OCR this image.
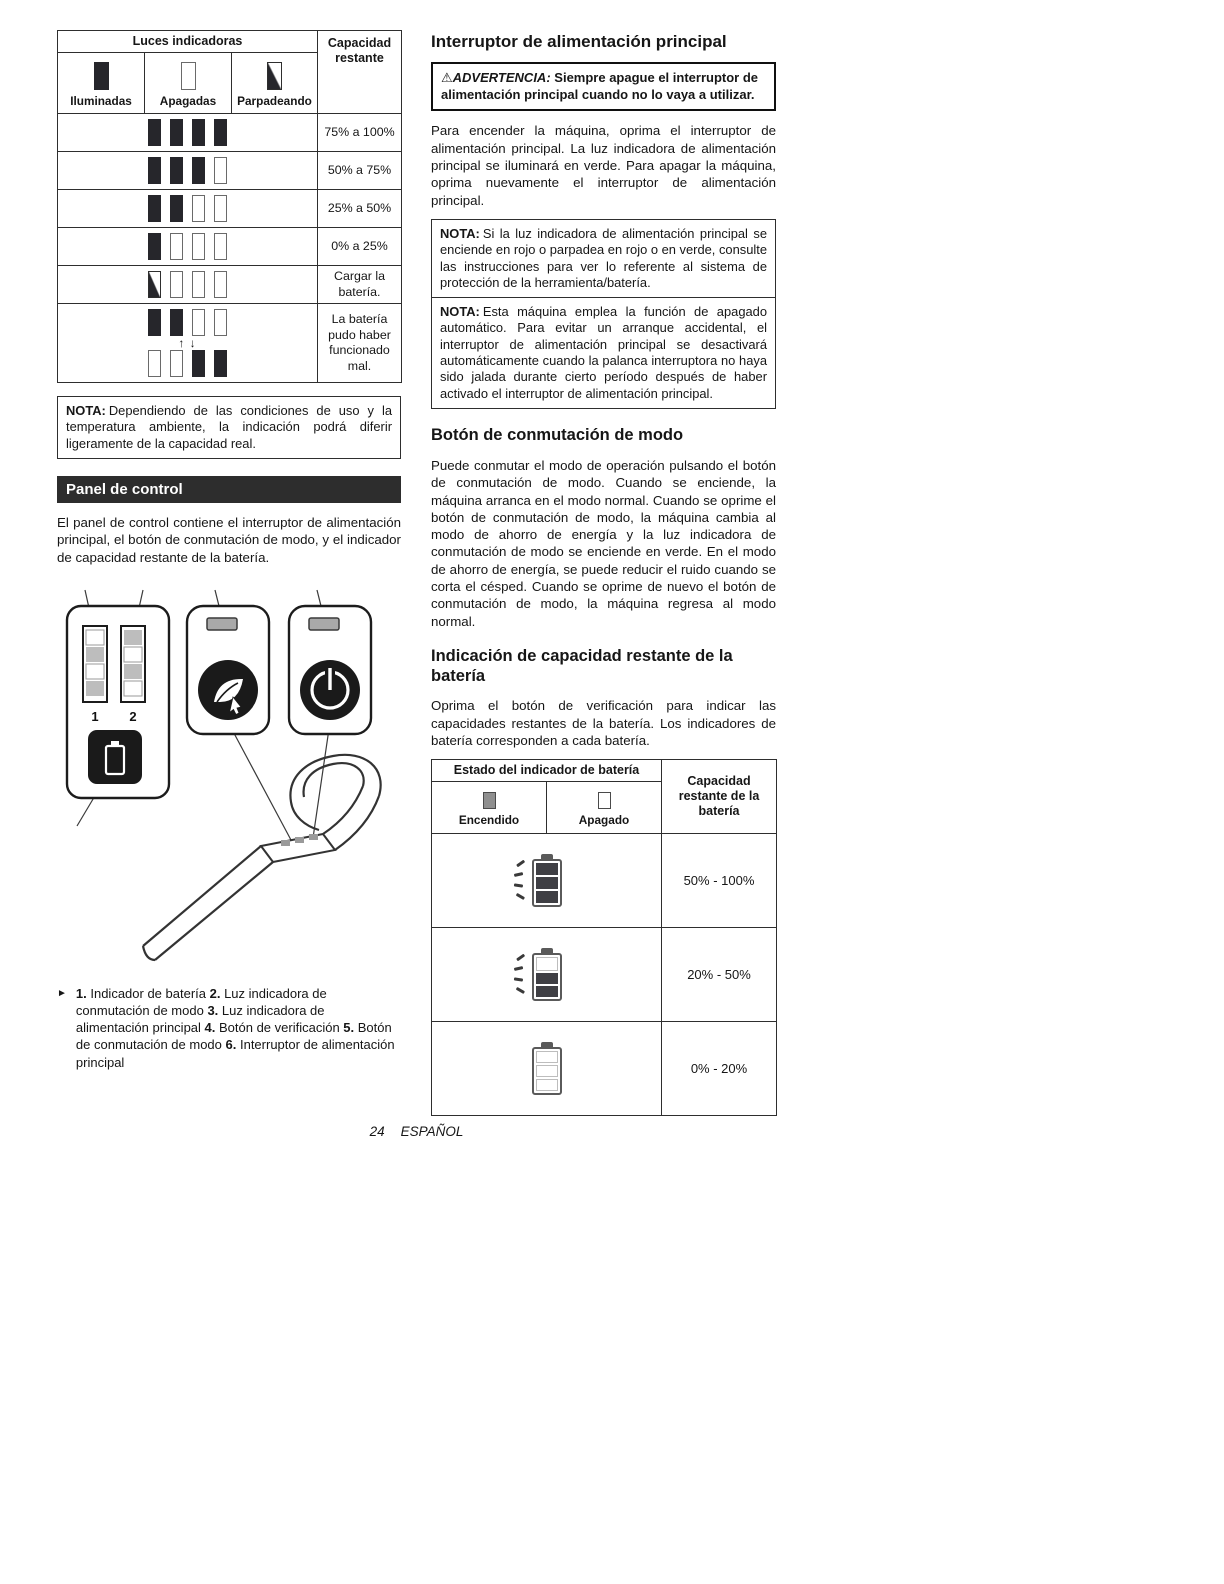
Luces indicadoras			Capacidad restante

Iluminadas	Apagadas	Parpadeando	

			75% a 100%

			50% a 75%

			25% a 50%

			0% a 25%

			Cargar la batería.

↑ ↓			La batería pudo haber funcionado mal.
NOTA: Dependiendo de las condiciones de uso y la temperatura ambiente, la indicación podrá diferir ligeramente de la capacidad real.
Panel de control

El panel de control contiene el interruptor de alimentación principal, el botón de conmutación de modo, y el indicador de capacidad restante de la batería.

1 2
► 1. Indicador de batería 2. Luz indicadora de conmutación de modo 3. Luz indicadora de alimentación principal 4. Botón de verificación 5. Botón de conmutación de modo 6. Interruptor de alimentación principal
Interruptor de alimentación principal
⚠ADVERTENCIA: Siempre apague el interruptor de alimentación principal cuando no lo vaya a utilizar.

Para encender la máquina, oprima el interruptor de alimentación principal. La luz indicadora de alimentación principal se iluminará en verde. Para apagar la máquina, oprima nuevamente el interruptor de alimentación principal.

NOTA: Si la luz indicadora de alimentación principal se enciende en rojo o parpadea en rojo o en verde, consulte las instrucciones para ver lo referente al sistema de protección de la herramienta/batería.
NOTA: Esta máquina emplea la función de apagado automático. Para evitar un arranque accidental, el interruptor de alimentación principal se desactivará automáticamente cuando la palanca interruptora no haya sido jalada durante cierto período después de haber activado el interruptor de alimentación principal.
Botón de conmutación de modo

Puede conmutar el modo de operación pulsando el botón de conmutación de modo. Cuando se enciende, la máquina arranca en el modo normal. Cuando se oprime el botón de conmutación de modo, la máquina cambia al modo de ahorro de energía y la luz indicadora de conmutación de modo se enciende en verde. En el modo de ahorro de energía, se puede reducir el ruido cuando se corta el césped. Cuando se oprime de nuevo el botón de conmutación de modo, la máquina regresa al modo normal.

Indicación de capacidad restante de la batería

Oprima el botón de verificación para indicar las capacidades restantes de la batería. Los indicadores de batería corresponden a cada batería.

Estado del indicador de batería		Capacidad restante de la batería

Encendido	Apagado	

		50% - 100%

		20% - 50%

		0% - 20%
24 ESPAÑOL
